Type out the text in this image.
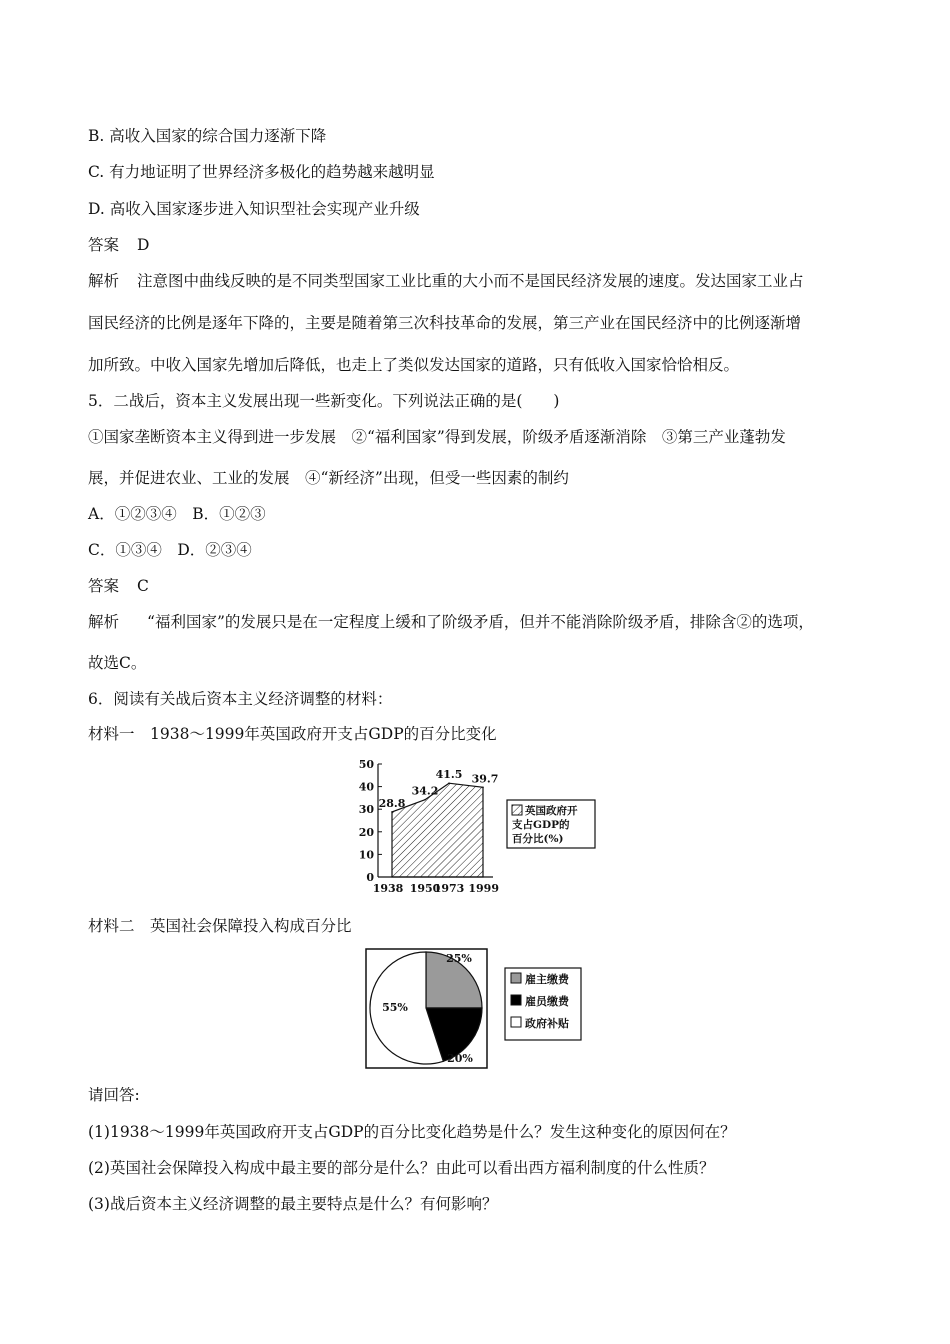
B. 高收入国家的综合国力逐渐下降
C. 有力地证明了世界经济多极化的趋势越来越明显
D. 高收入国家逐步进入知识型社会实现产业升级
答案 D
解析 注意图中曲线反映的是不同类型国家工业比重的大小而不是国民经济发展的速度。发达国家工业占
国民经济的比例是逐年下降的，主要是随着第三次科技革命的发展，第三产业在国民经济中的比例逐渐增
加所致。中收入国家先增加后降低，也走上了类似发达国家的道路，只有低收入国家恰恰相反。
5．二战后，资本主义发展出现一些新变化。下列说法正确的是(　　)
①国家垄断资本主义得到进一步发展　②“福利国家”得到发展，阶级矛盾逐渐消除　③第三产业蓬勃发
展，并促进农业、工业的发展　④“新经济”出现，但受一些因素的制约
A．①②③④　B．①②③
C．①③④　D．②③④
答案 C
解析 “福利国家”的发展只是在一定程度上缓和了阶级矛盾，但并不能消除阶级矛盾，排除含②的选项，
故选C。
6．阅读有关战后资本主义经济调整的材料：
材料一　1938～1999年英国政府开支占GDP的百分比变化
0
10
20
30
40
50
1938 1950
1973 1999
28.8
34.2
41.5 39.7
英国政府开
支占GDP的
百分比(%)
材料二　英国社会保障投入构成百分比
25%
20%
55%
雇主缴费
雇员缴费
政府补贴
请回答:
(1)1938～1999年英国政府开支占GDP的百分比变化趋势是什么？发生这种变化的原因何在？
(2)英国社会保障投入构成中最主要的部分是什么？由此可以看出西方福利制度的什么性质？
(3)战后资本主义经济调整的最主要特点是什么？有何影响？
